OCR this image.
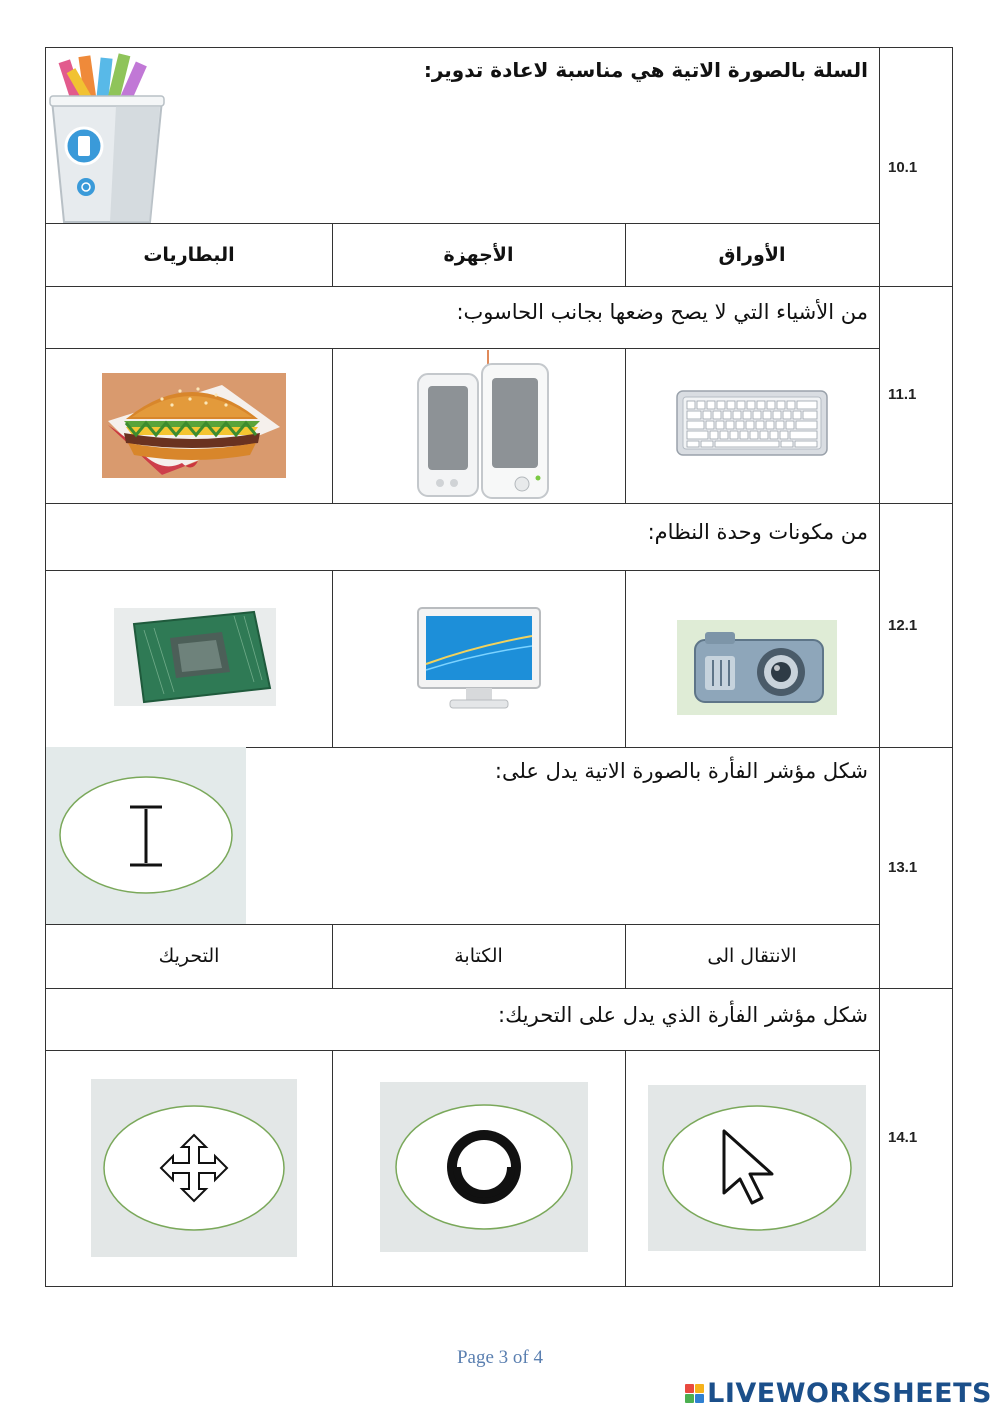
10.1
11.1
12.1
13.1
14.1
السلة بالصورة الاتية هي مناسبة لاعادة تدوير:
الأوراق
الأجهزة
البطاريات
من الأشياء التي لا يصح وضعها بجانب الحاسوب:
من مكونات وحدة النظام:
شكل مؤشر الفأرة بالصورة الاتية يدل على:
الانتقال الى
الكتابة
التحريك
شكل مؤشر الفأرة الذي يدل على التحريك:
Page 3 of 4
LIVEWORKSHEETS
